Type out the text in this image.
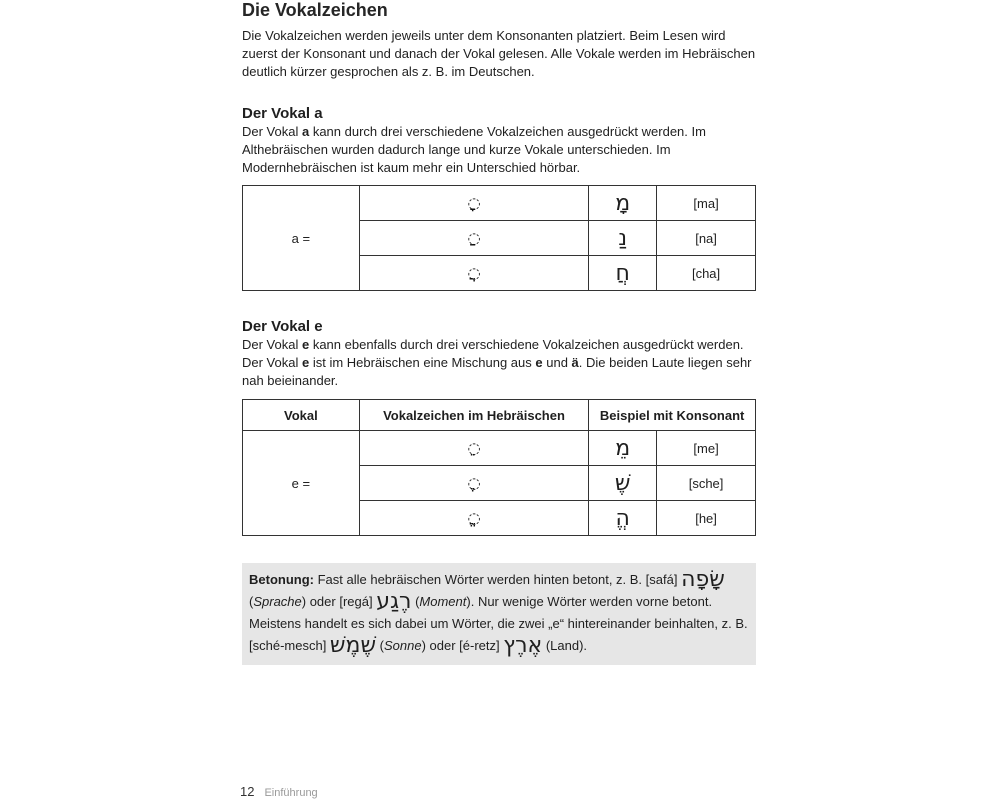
Die Vokalzeichen

Die Vokalzeichen werden jeweils unter dem Konsonanten platziert. Beim Lesen wird zuerst der Konsonant und danach der Vokal gelesen. Alle Vokale werden im Hebräischen deutlich kürzer gesprochen als z. B. im Deutschen.

Der Vokal a

Der Vokal a kann durch drei verschiedene Vokalzeichen ausgedrückt werden. Im Althebräischen wurden dadurch lange und kurze Vokale unterschieden. Im Modernhebräischen ist kaum mehr ein Unterschied hörbar.

a =	◌ָ	מָ	[ma]
	◌ַ	נַ	[na]
	◌ֲ	חֲ	[cha]
Der Vokal e

Der Vokal e kann ebenfalls durch drei verschiedene Vokalzeichen ausgedrückt werden. Der Vokal e ist im Hebräischen eine Mischung aus e und ä. Die beiden Laute liegen sehr nah beieinander.

Vokal	Vokalzeichen im Hebräischen	Beispiel mit Konsonant	
e =	◌ֵ	מֵ	[me]
	◌ֶ	שֶׁ	[sche]
	◌ֱ	הֱ	[he]
Betonung: Fast alle hebräischen Wörter werden hinten betont, z. B. [safá] שָׂפָה
(Sprache) oder [regá] רֶגַע (Moment). Nur wenige Wörter werden vorne betont. Meistens handelt es sich dabei um Wörter, die zwei „e“ hintereinander beinhalten, z. B. [sché-mesch] שֶׁמֶשׁ (Sonne) oder [é-retz] אֶרֶץ (Land).
12 Einführung
